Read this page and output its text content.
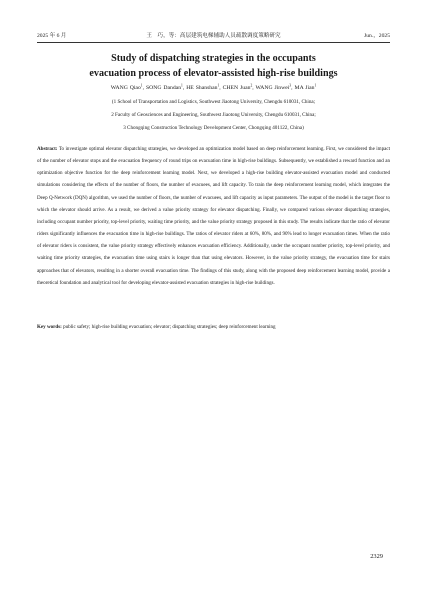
2025 年 6 月	王　巧，等：高层建筑电梯辅助人员疏散调度策略研究	Jun.，2025
Study of dispatching strategies in the occupants
evacuation process of elevator-assisted high-rise buildings
WANG Qiao$^1$, SONG Dandan$^1$, HE Shanshan$^1$, CHEN Juan$^2$, WANG Jinwei$^3$, MA Jian$^1$
(1 School of Transportation and Logistics, Southwest Jiaotong University, Chengdu 610031, China;
2 Faculty of Geosciences and Engineering, Southwest Jiaotong University, Chengdu 610031, China;
3 Chongqing Construction Technology Development Center, Chongqing 401122, China)

Abstract: To investigate optimal elevator dispatching strategies, we developed an optimization model based on deep reinforcement learning. First, we considered the impact of the number of elevator stops and the evacuation frequency of round trips on evacuation time in high-rise buildings. Subsequently, we established a reward function and an optimization objective function for the deep reinforcement learning model. Next, we developed a high-rise building elevator-assisted evacuation model and conducted simulations considering the effects of the number of floors, the number of evacuees, and lift capacity. To train the deep reinforcement learning model, which integrates the Deep Q-Network (DQN) algorithm, we used the number of floors, the number of evacuees, and lift capacity as input parameters. The output of the model is the target floor to which the elevator should arrive. As a result, we derived a value priority strategy for elevator dispatching. Finally, we compared various elevator dispatching strategies, including occupant number priority, top-level priority, waiting time priority, and the value priority strategy proposed in this study. The results indicate that the ratio of elevator riders significantly influences the evacuation time in high-rise buildings. The ratios of elevator riders at 60%, 80%, and 90% lead to longer evacuation times. When the ratio of elevator riders is consistent, the value priority strategy effectively enhances evacuation efficiency. Additionally, under the occupant number priority, top-level priority, and waiting time priority strategies, the evacuation time using stairs is longer than that using elevators. However, in the value priority strategy, the evacuation time for stairs approaches that of elevators, resulting in a shorter overall evacuation time. The findings of this study, along with the proposed deep reinforcement learning model, provide a theoretical foundation and analytical tool for developing elevator-assisted evacuation strategies in high-rise buildings.

Key words: public safety; high-rise building evacuation; elevator; dispatching strategies; deep reinforcement learning
2329
